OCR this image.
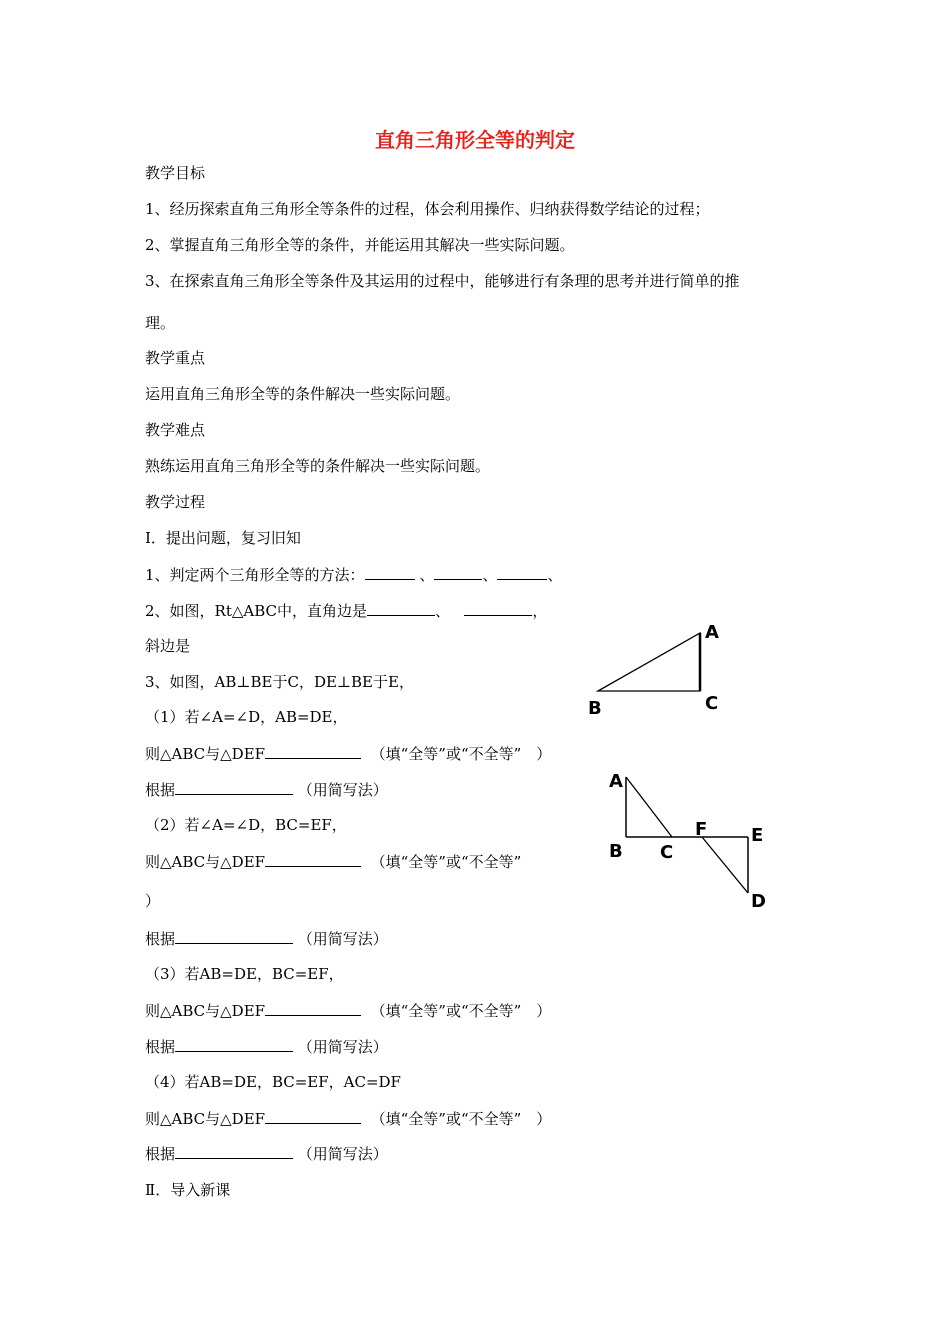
直角三角形全等的判定
教学目标
1、经历探索直角三角形全等条件的过程，体会利用操作、归纳获得数学结论的过程；
2、掌握直角三角形全等的条件，并能运用其解决一些实际问题。
3、在探索直角三角形全等条件及其运用的过程中，能够进行有条理的思考并进行简单的推
理。
教学重点
运用直角三角形全等的条件解决一些实际问题。
教学难点
熟练运用直角三角形全等的条件解决一些实际问题。
教学过程
Ⅰ．提出问题，复习旧知
1、判定两个三角形全等的方法：	、	、	、
2、如图，Rt△ABC中，直角边是	、	，
斜边是
3、如图，AB⊥BE于C，DE⊥BE于E，
（1）若∠A=∠D，AB=DE，
则△ABC与△DEF	（填“全等”或“不全等”　）
根据	（用简写法）
（2）若∠A=∠D，BC=EF，
则△ABC与△DEF	（填“全等”或“不全等”
）
根据	（用简写法）
（3）若AB=DE，BC=EF，
则△ABC与△DEF	（填“全等”或“不全等”　）
根据	（用简写法）
（4）若AB=DE，BC=EF，AC=DF
则△ABC与△DEF	（填“全等”或“不全等”　）
根据	（用简写法）
Ⅱ．导入新课
A
B	C
A
B C
F E
D
